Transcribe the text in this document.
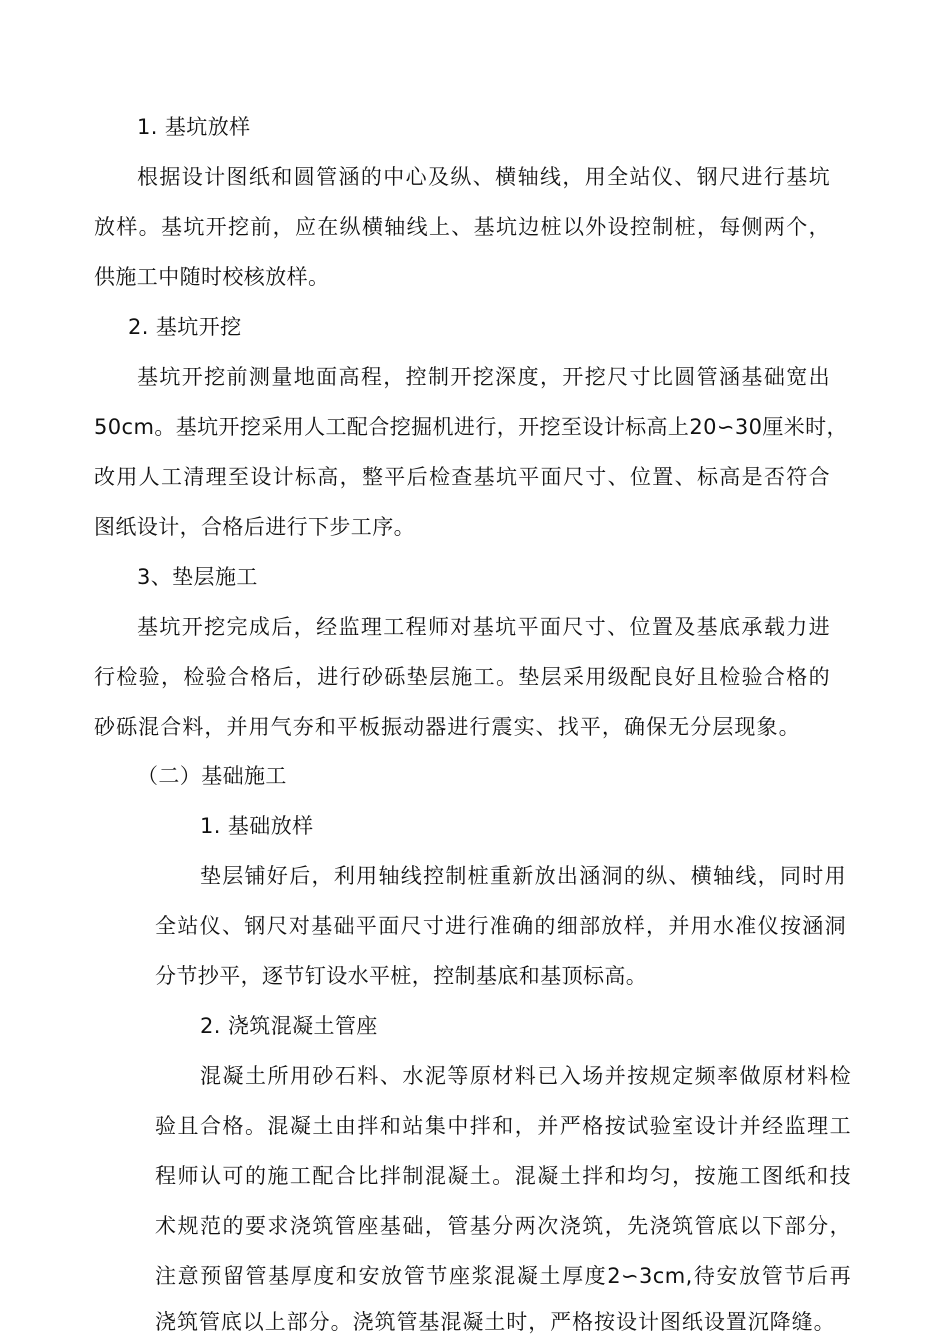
1. 基坑放样
根据设计图纸和圆管涵的中心及纵、横轴线，用全站仪、钢尺进行基坑
放样。基坑开挖前，应在纵横轴线上、基坑边桩以外设控制桩，每侧两个，
供施工中随时校核放样。
2. 基坑开挖
基坑开挖前测量地面高程，控制开挖深度，开挖尺寸比圆管涵基础宽出
50cm。基坑开挖采用人工配合挖掘机进行，开挖至设计标高上20∽30厘米时，
改用人工清理至设计标高，整平后检查基坑平面尺寸、位置、标高是否符合
图纸设计，合格后进行下步工序。
3、垫层施工
基坑开挖完成后，经监理工程师对基坑平面尺寸、位置及基底承载力进
行检验，检验合格后，进行砂砾垫层施工。垫层采用级配良好且检验合格的
砂砾混合料，并用气夯和平板振动器进行震实、找平，确保无分层现象。
（二）基础施工
1. 基础放样
垫层铺好后，利用轴线控制桩重新放出涵洞的纵、横轴线，同时用
全站仪、钢尺对基础平面尺寸进行准确的细部放样，并用水准仪按涵洞
分节抄平，逐节钉设水平桩，控制基底和基顶标高。
2. 浇筑混凝土管座
混凝土所用砂石料、水泥等原材料已入场并按规定频率做原材料检
验且合格。混凝土由拌和站集中拌和，并严格按试验室设计并经监理工
程师认可的施工配合比拌制混凝土。混凝土拌和均匀，按施工图纸和技
术规范的要求浇筑管座基础，管基分两次浇筑，先浇筑管底以下部分，
注意预留管基厚度和安放管节座浆混凝土厚度2∽3cm,待安放管节后再
浇筑管底以上部分。浇筑管基混凝土时，严格按设计图纸设置沉降缝。
